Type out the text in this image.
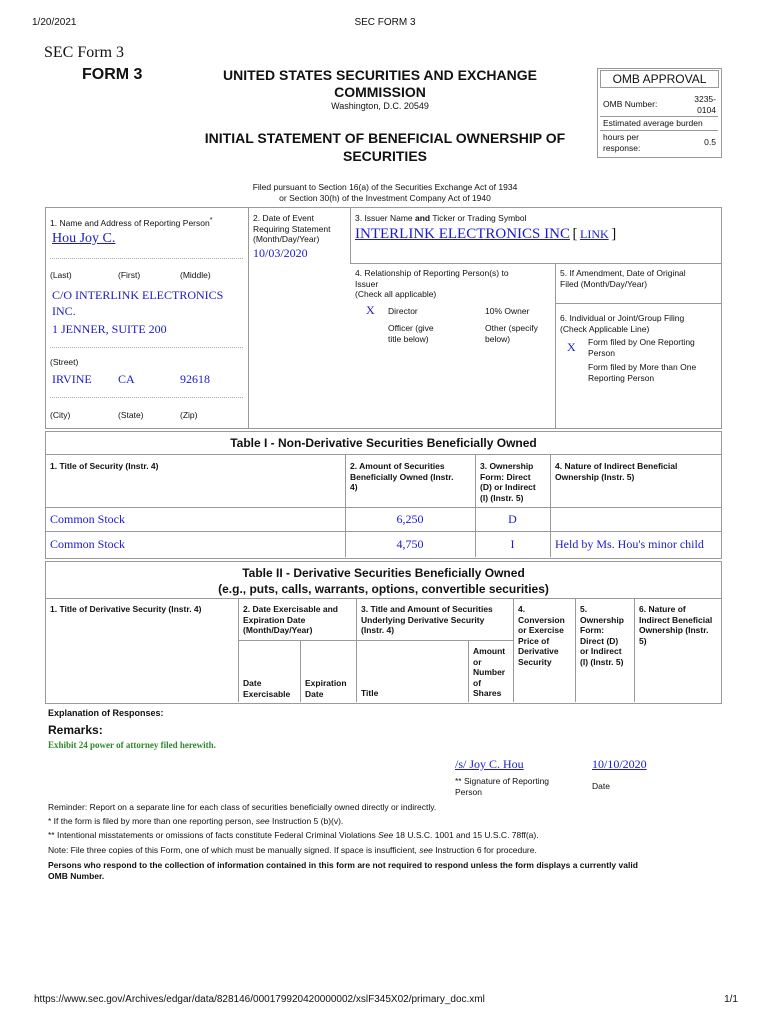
1/20/2021	SEC FORM 3
SEC Form 3
FORM 3	UNITED STATES SECURITIES AND EXCHANGE
COMMISSION
Washington, D.C. 20549
INITIAL STATEMENT OF BENEFICIAL OWNERSHIP OF
SECURITIES
OMB APPROVAL
OMB Number:	3235-
0104
Estimated average burden
hours per
response:
0.5
Filed pursuant to Section 16(a) of the Securities Exchange Act of 1934
or Section 30(h) of the Investment Company Act of 1940
1. Name and Address of Reporting Person*
Hou Joy C.
(Last)	(First)	(Middle)
C/O INTERLINK ELECTRONICS
INC.
1 JENNER, SUITE 200
(Street)
IRVINE CA	92618
(City)	(State)	(Zip)
2. Date of Event
Requiring Statement
(Month/Day/Year)
10/03/2020
3. Issuer Name and Ticker or Trading Symbol
INTERLINK ELECTRONICS INC [ LINK ]
4. Relationship of Reporting Person(s) to
Issuer
(Check all applicable)
X Director	10% Owner
Officer (give
title below)
Other (specify
below)
5. If Amendment, Date of Original
Filed (Month/Day/Year)
6. Individual or Joint/Group Filing
(Check Applicable Line)
X Form filed by One Reporting
Person
Form filed by More than One
Reporting Person
Table I - Non-Derivative Securities Beneficially Owned
1. Title of Security (Instr. 4)	2. Amount of Securities
Beneficially Owned (Instr.
4)
3. Ownership
Form: Direct
(D) or Indirect
(I) (Instr. 5)
4. Nature of Indirect Beneficial
Ownership (Instr. 5)
Common Stock	6,250	D
Common Stock	4,750	I	Held by Ms. Hou's minor child
Table II - Derivative Securities Beneficially Owned
(e.g., puts, calls, warrants, options, convertible securities)
1. Title of Derivative Security (Instr. 4)	2. Date Exercisable and
Expiration Date
(Month/Day/Year)
3. Title and Amount of Securities
Underlying Derivative Security
(Instr. 4)
4.
Conversion
or Exercise
Price of
Derivative
Security
5.
Ownership
Form:
Direct (D)
or Indirect
(I) (Instr. 5)
6. Nature of
Indirect Beneficial
Ownership (Instr.
5)
Date
Exercisable
Expiration
Date	Title
Amount
or
Number
of
Shares
Explanation of Responses:
Remarks:
Exhibit 24 power of attorney filed herewith.
/s/ Joy C. Hou	10/10/2020
** Signature of Reporting
Person
Date
Reminder: Report on a separate line for each class of securities beneficially owned directly or indirectly.
* If the form is filed by more than one reporting person, see Instruction 5 (b)(v).
** Intentional misstatements or omissions of facts constitute Federal Criminal Violations See 18 U.S.C. 1001 and 15 U.S.C. 78ff(a).
Note: File three copies of this Form, one of which must be manually signed. If space is insufficient, see Instruction 6 for procedure.
Persons who respond to the collection of information contained in this form are not required to respond unless the form displays a currently valid
OMB Number.
https://www.sec.gov/Archives/edgar/data/828146/000179920420000002/xslF345X02/primary_doc.xml	1/1
